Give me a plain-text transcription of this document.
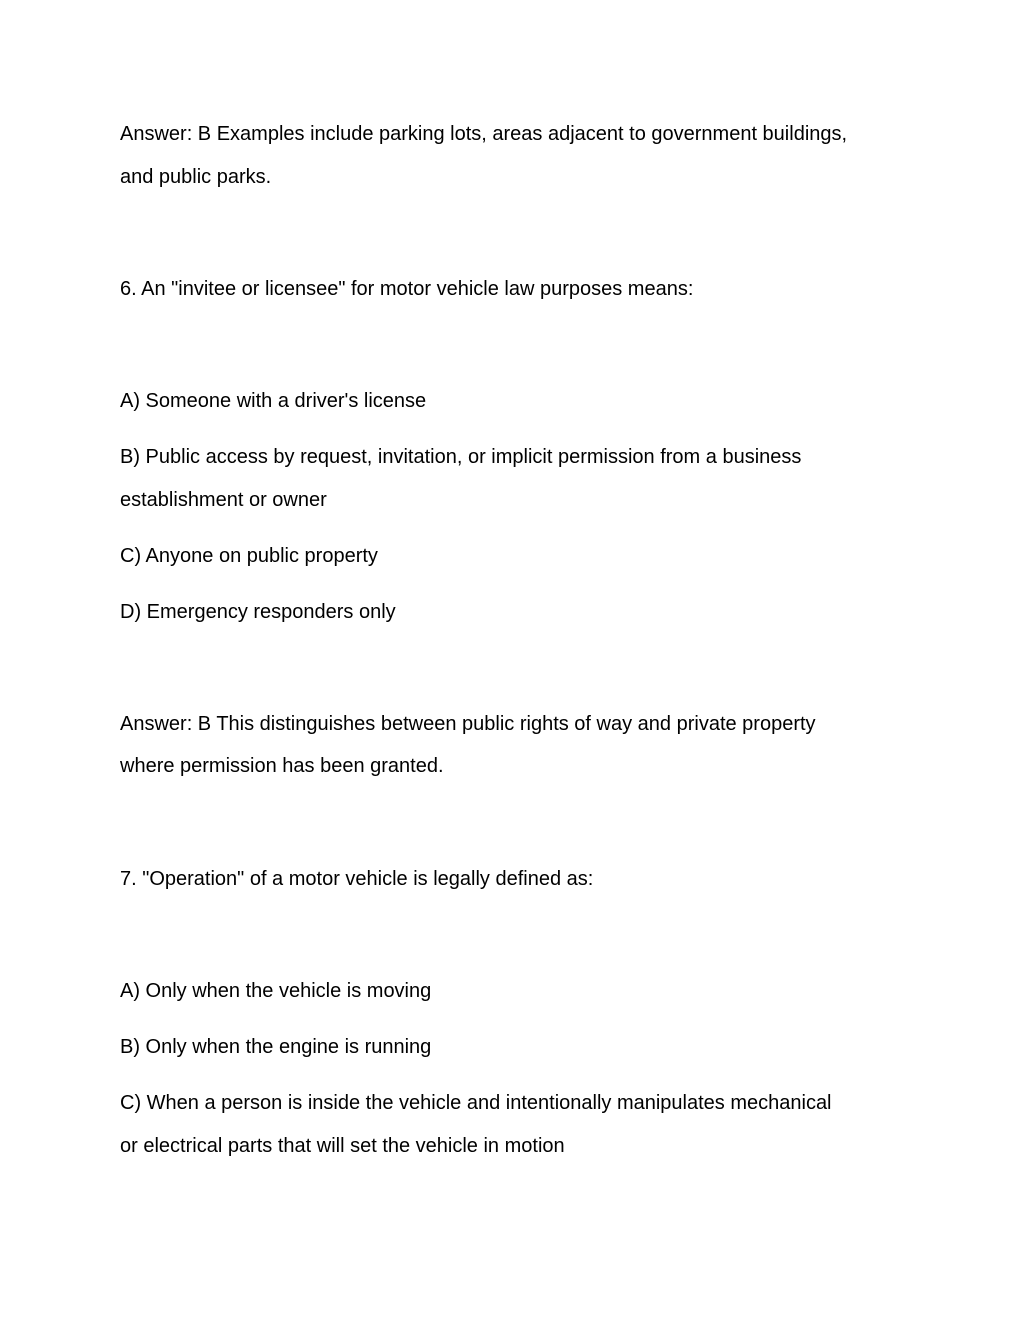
Answer: B Examples include parking lots, areas adjacent to government buildings,

and public parks.

6. An "invitee or licensee" for motor vehicle law purposes means:

A) Someone with a driver's license

B) Public access by request, invitation, or implicit permission from a business

establishment or owner

C) Anyone on public property

D) Emergency responders only

Answer: B This distinguishes between public rights of way and private property

where permission has been granted.

7. "Operation" of a motor vehicle is legally defined as:

A) Only when the vehicle is moving

B) Only when the engine is running

C) When a person is inside the vehicle and intentionally manipulates mechanical

or electrical parts that will set the vehicle in motion
